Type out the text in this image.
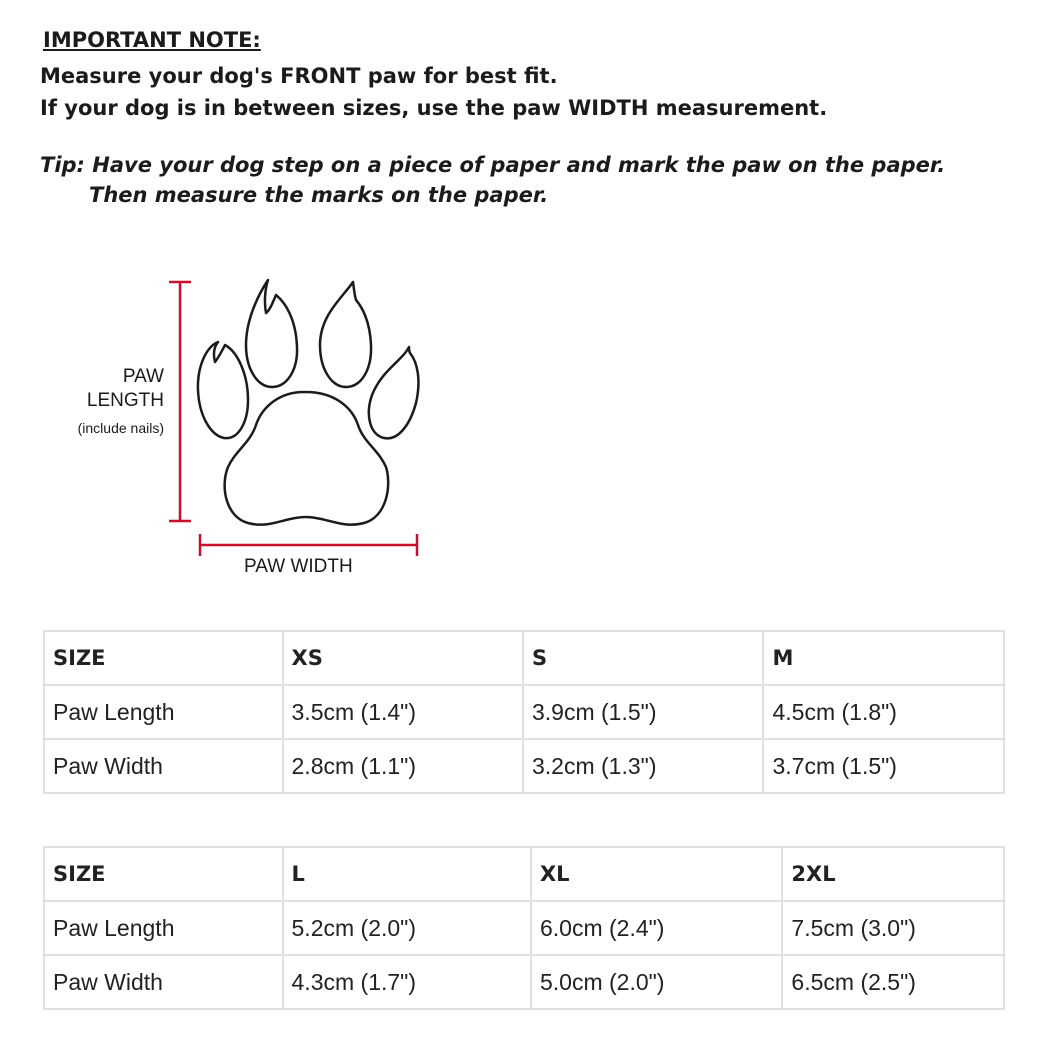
IMPORTANT NOTE:

Measure your dog's FRONT paw for best fit.

If your dog is in between sizes, use the paw WIDTH measurement.

Tip: Have your dog step on a piece of paper and mark the paw on the paper.
Then measure the marks on the paper.
PAW
LENGTH
(include nails)
PAW WIDTH
SIZE	XS	S	M
Paw Length	3.5cm (1.4")	3.9cm (1.5")	4.5cm (1.8")
Paw Width	2.8cm (1.1")	3.2cm (1.3")	3.7cm (1.5")
SIZE	L	XL	2XL
Paw Length	5.2cm (2.0")	6.0cm (2.4")	7.5cm (3.0")
Paw Width	4.3cm (1.7")	5.0cm (2.0")	6.5cm (2.5")
